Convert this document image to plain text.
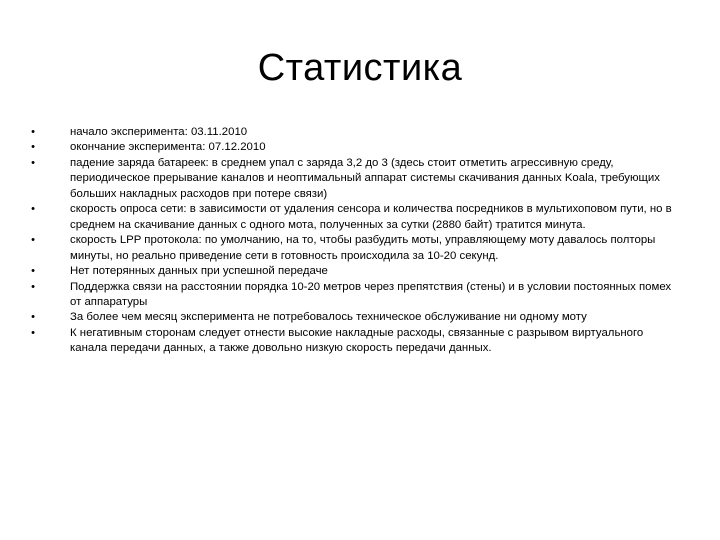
Статистика
•	начало эксперимента: 03.11.2010
•	окончание эксперимента: 07.12.2010
•	падение заряда батареек: в среднем упал с заряда 3,2 до 3 (здесь стоит отметить агрессивную среду, периодическое прерывание каналов и неоптимальный аппарат системы скачивания данных Koala, требующих больших накладных расходов при потере связи)
•	скорость опроса сети: в зависимости от удаления сенсора и количества посредников в мультихоповом пути, но в среднем на скачивание данных с одного мота, полученных за сутки (2880 байт) тратится минута.
•	скорость LPP протокола: по умолчанию, на то, чтобы разбудить моты, управляющему моту давалось полторы минуты, но реально приведение сети в готовность происходила за 10-20 секунд.
•	Нет потерянных данных при успешной передаче
•	Поддержка связи на расстоянии порядка 10-20 метров через препятствия (стены) и в условии постоянных помех от аппаратуры
•	За более чем месяц эксперимента не потребовалось техническое обслуживание ни одному моту
•	К негативным сторонам следует отнести высокие накладные расходы, связанные с разрывом виртуального канала передачи данных, а также довольно низкую скорость передачи данных.
